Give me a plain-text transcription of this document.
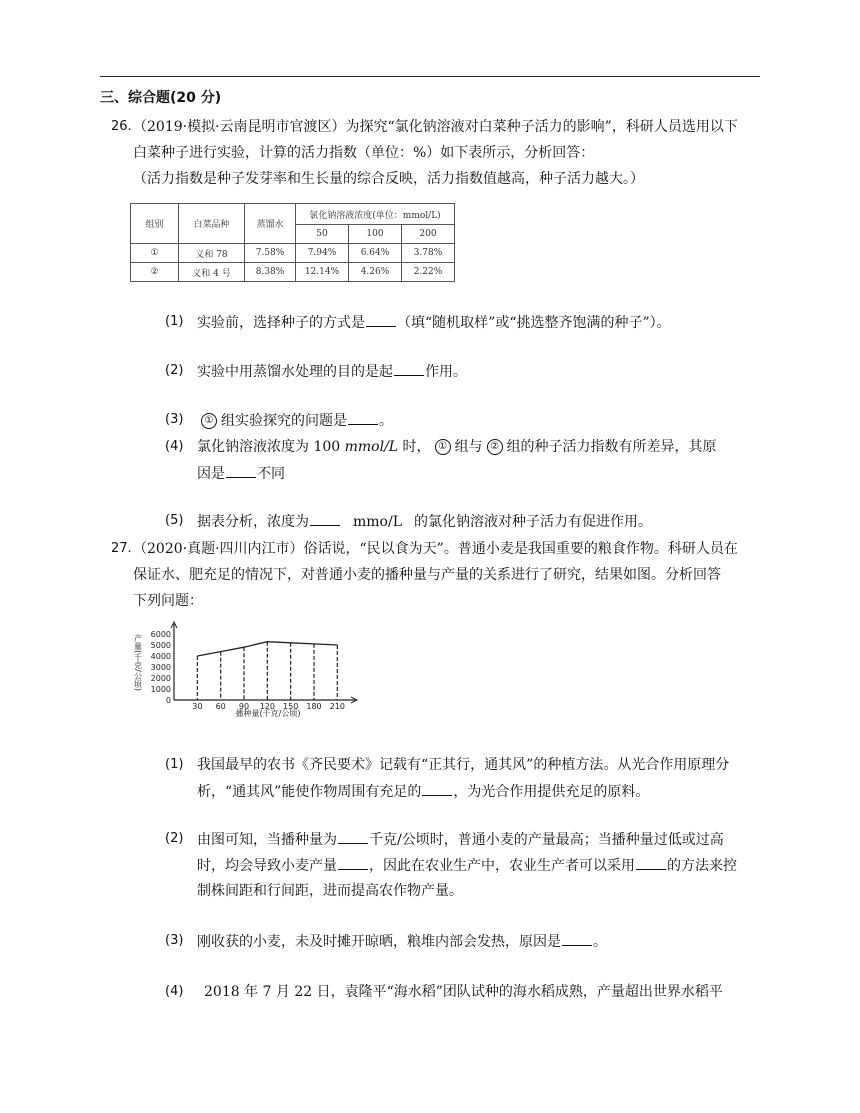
三、综合题(20 分)
26. （2019·模拟·云南昆明市官渡区）为探究“氯化钠溶液对白菜种子活力的影响”，科研人员选用以下
白菜种子进行实验，计算的活力指数（单位：%）如下表所示，分析回答：
（活力指数是种子发芽率和生长量的综合反映，活力指数值越高，种子活力越大。）
组别	白菜品种	蒸馏水	氯化钠溶液浓度(单位：mmol/L)		
			50	100	200
①	义和 78	7.58%	7.94%	6.64%	3.78%
②	义和 4 号	8.38%	12.14%	4.26%	2.22%
(1) 实验前，选择种子的方式是 （填“随机取样”或“挑选整齐饱满的种子”）。
(2) 实验中用蒸馏水处理的目的是起 作用。
(3)	① 组实验探究的问题是 。
(4) 氯化钠溶液浓度为 100 mmol/L 时， ① 组与 ② 组的种子活力指数有所差异，其原
因是 不同
(5) 据表分析，浓度为	mmo/L 的氯化钠溶液对种子活力有促进作用。
27. （2020·真题·四川内江市）俗话说，“民以食为天”。普通小麦是我国重要的粮食作物。科研人员在
保证水、肥充足的情况下，对普通小麦的播种量与产量的关系进行了研究，结果如图。分析回答
下列问题：
6000
5000
4000
3000
2000
1000
0
30 60 90 120 150 180 210
产量(千克/公顷)
播种量(千克/公顷)
(1) 我国最早的农书《齐民要术》记载有“正其行，通其风”的种植方法。从光合作用原理分
析，“通其风”能使作物周围有充足的 ，为光合作用提供充足的原料。
(2) 由图可知，当播种量为 千克/公顷时，普通小麦的产量最高；当播种量过低或过高
时，均会导致小麦产量 ，因此在农业生产中，农业生产者可以采用 的方法来控
制株间距和行间距，进而提高农作物产量。
(3) 刚收获的小麦，未及时摊开晾晒，粮堆内部会发热，原因是 。
(4) 2018 年 7 月 22 日，袁隆平“海水稻”团队试种的海水稻成熟，产量超出世界水稻平
